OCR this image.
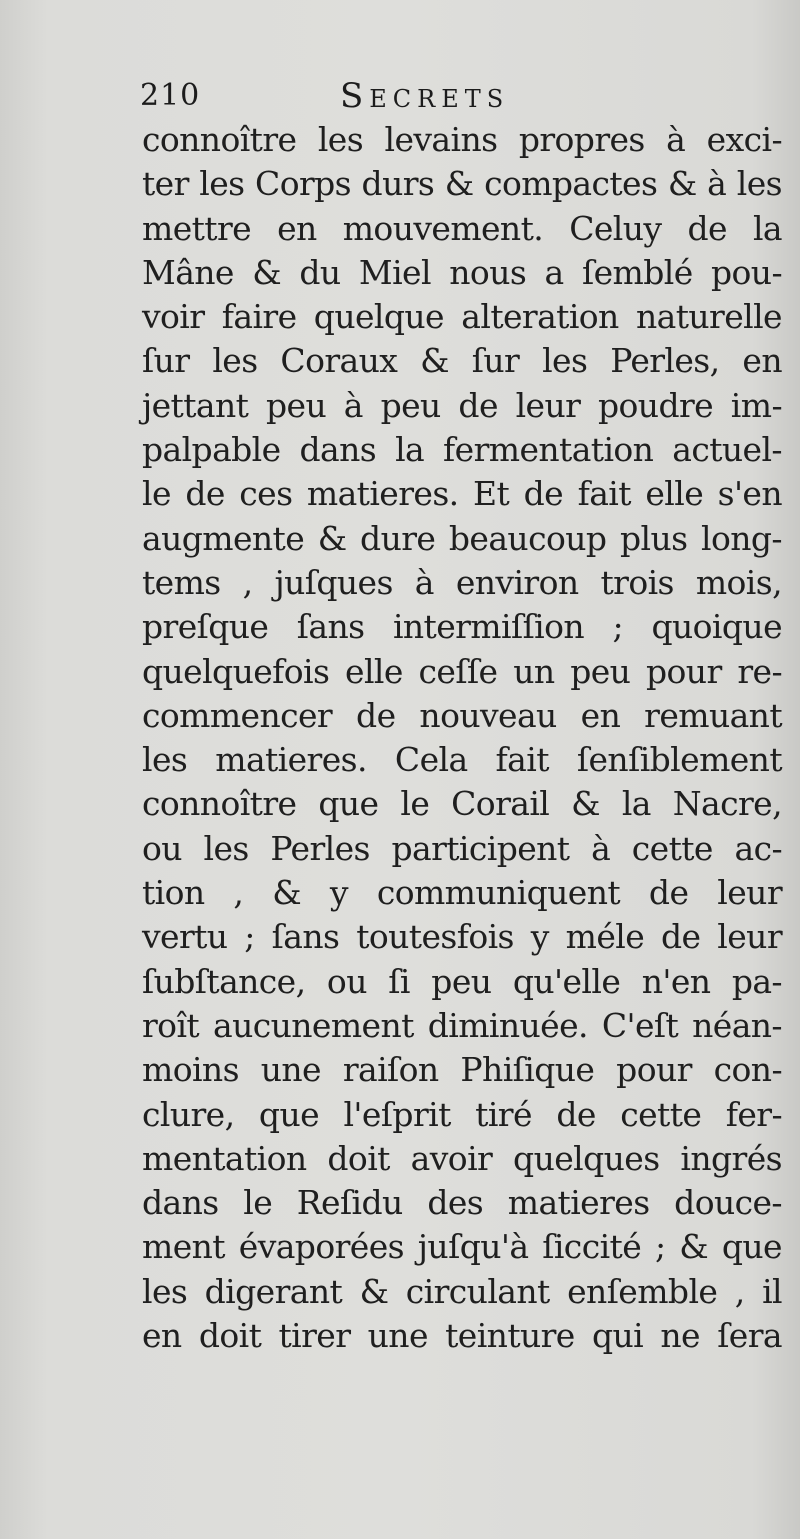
210	Secrets
connoître les levains propres à exci-
ter les Corps durs & compactes & à les
mettre en mouvement. Celuy de la
Mâne & du Miel nous a ſemblé pou-
voir faire quelque alteration naturelle
ſur les Coraux & ſur les Perles, en
jettant peu à peu de leur poudre im-
palpable dans la fermentation actuel-
le de ces matieres. Et de fait elle s'en
augmente & dure beaucoup plus long-
tems , juſques à environ trois mois,
preſque ſans intermiſſion ; quoique
quelquefois elle ceſſe un peu pour re-
commencer de nouveau en remuant
les matieres. Cela fait ſenſiblement
connoître que le Corail & la Nacre,
ou les Perles participent à cette ac-
tion , & y communiquent de leur
vertu ; ſans toutesfois y méle de leur
ſubſtance, ou ſi peu qu'elle n'en pa-
roît aucunement diminuée. C'eſt néan-
moins une raiſon Phiſique pour con-
clure, que l'eſprit tiré de cette fer-
mentation doit avoir quelques ingrés
dans le Reſidu des matieres douce-
ment évaporées juſqu'à ſiccité ; & que
les digerant & circulant enſemble , il
en doit tirer une teinture qui ne ſera
